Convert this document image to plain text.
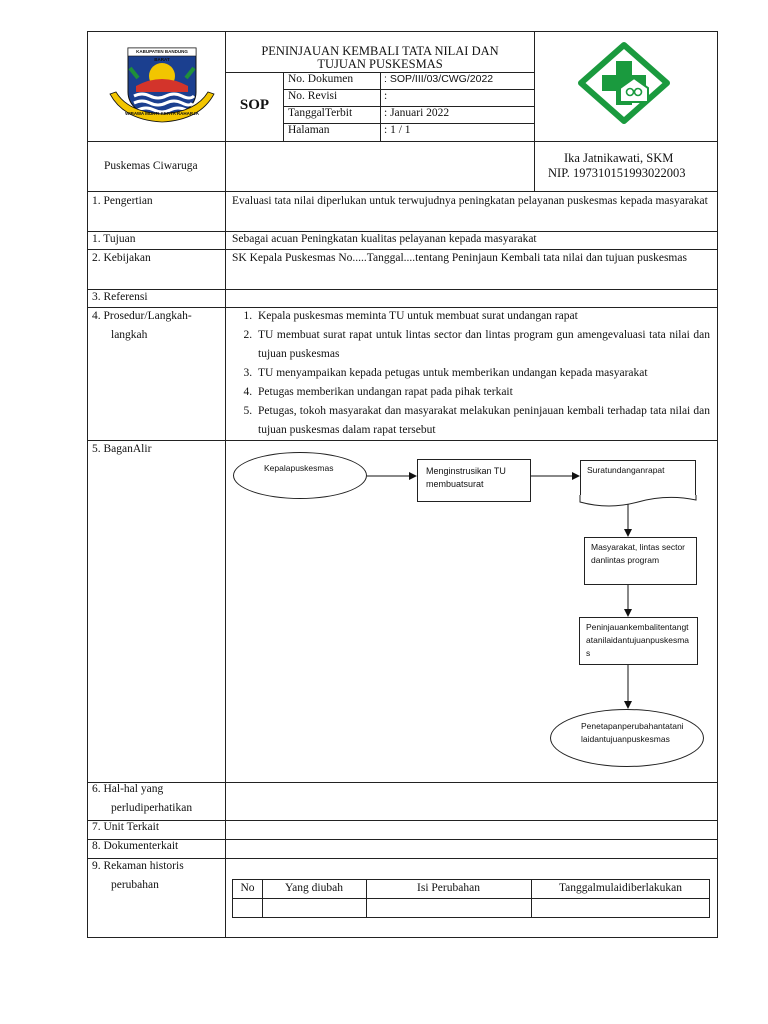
KABUPATEN BANDUNG BARAT
WIBAWA MUKTI KERTA RAHARJA
PENINJAUAN KEMBALI TATA NILAI DAN
TUJUAN PUSKESMAS
SOP
No. Dokumen	: SOP/III/03/CWG/2022
No. Revisi	:
TanggalTerbit	: Januari 2022
Halaman	: 1 / 1
Puskemas Ciwaruga
Ika Jatnikawati, SKM
NIP. 197310151993022003
1. Pengertian	Evaluasi tata nilai diperlukan untuk terwujudnya peningkatan pelayanan puskesmas kepada masyarakat
1. Tujuan	Sebagai acuan Peningkatan kualitas pelayanan kepada masyarakat
2. Kebijakan	SK Kepala Puskesmas No.....Tanggal....tentang Peninjaun Kembali tata nilai dan tujuan puskesmas
3. Referensi
4. Prosedur/Langkah-
langkah
1. Kepala puskesmas meminta TU untuk membuat surat undangan rapat
2. TU membuat surat rapat untuk lintas sector dan lintas program gun amengevaluasi tata nilai dan tujuan puskesmas
3. TU menyampaikan kepada petugas untuk memberikan undangan kepada masyarakat
4. Petugas memberikan undangan rapat pada pihak terkait
5. Petugas, tokoh masyarakat dan masyarakat melakukan peninjauan kembali terhadap tata nilai dan tujuan puskesmas dalam rapat tersebut
5. BaganAlir
Kepalapuskesmas	Menginstrusikan TU membuatsurat
Suratundanganrapat
Masyarakat, lintas sector danlintas program
Peninjauankembalitentangtatanilaidantujuanpuskesmas
Penetapanperubahantatanilaidantujuanpuskesmas
6. Hal-hal yang
perludiperhatikan
7. Unit Terkait
8. Dokumenterkait
9. Rekaman historis
perubahan	No	Yang diubah	Isi Perubahan	Tanggalmulaidiberlakukan
